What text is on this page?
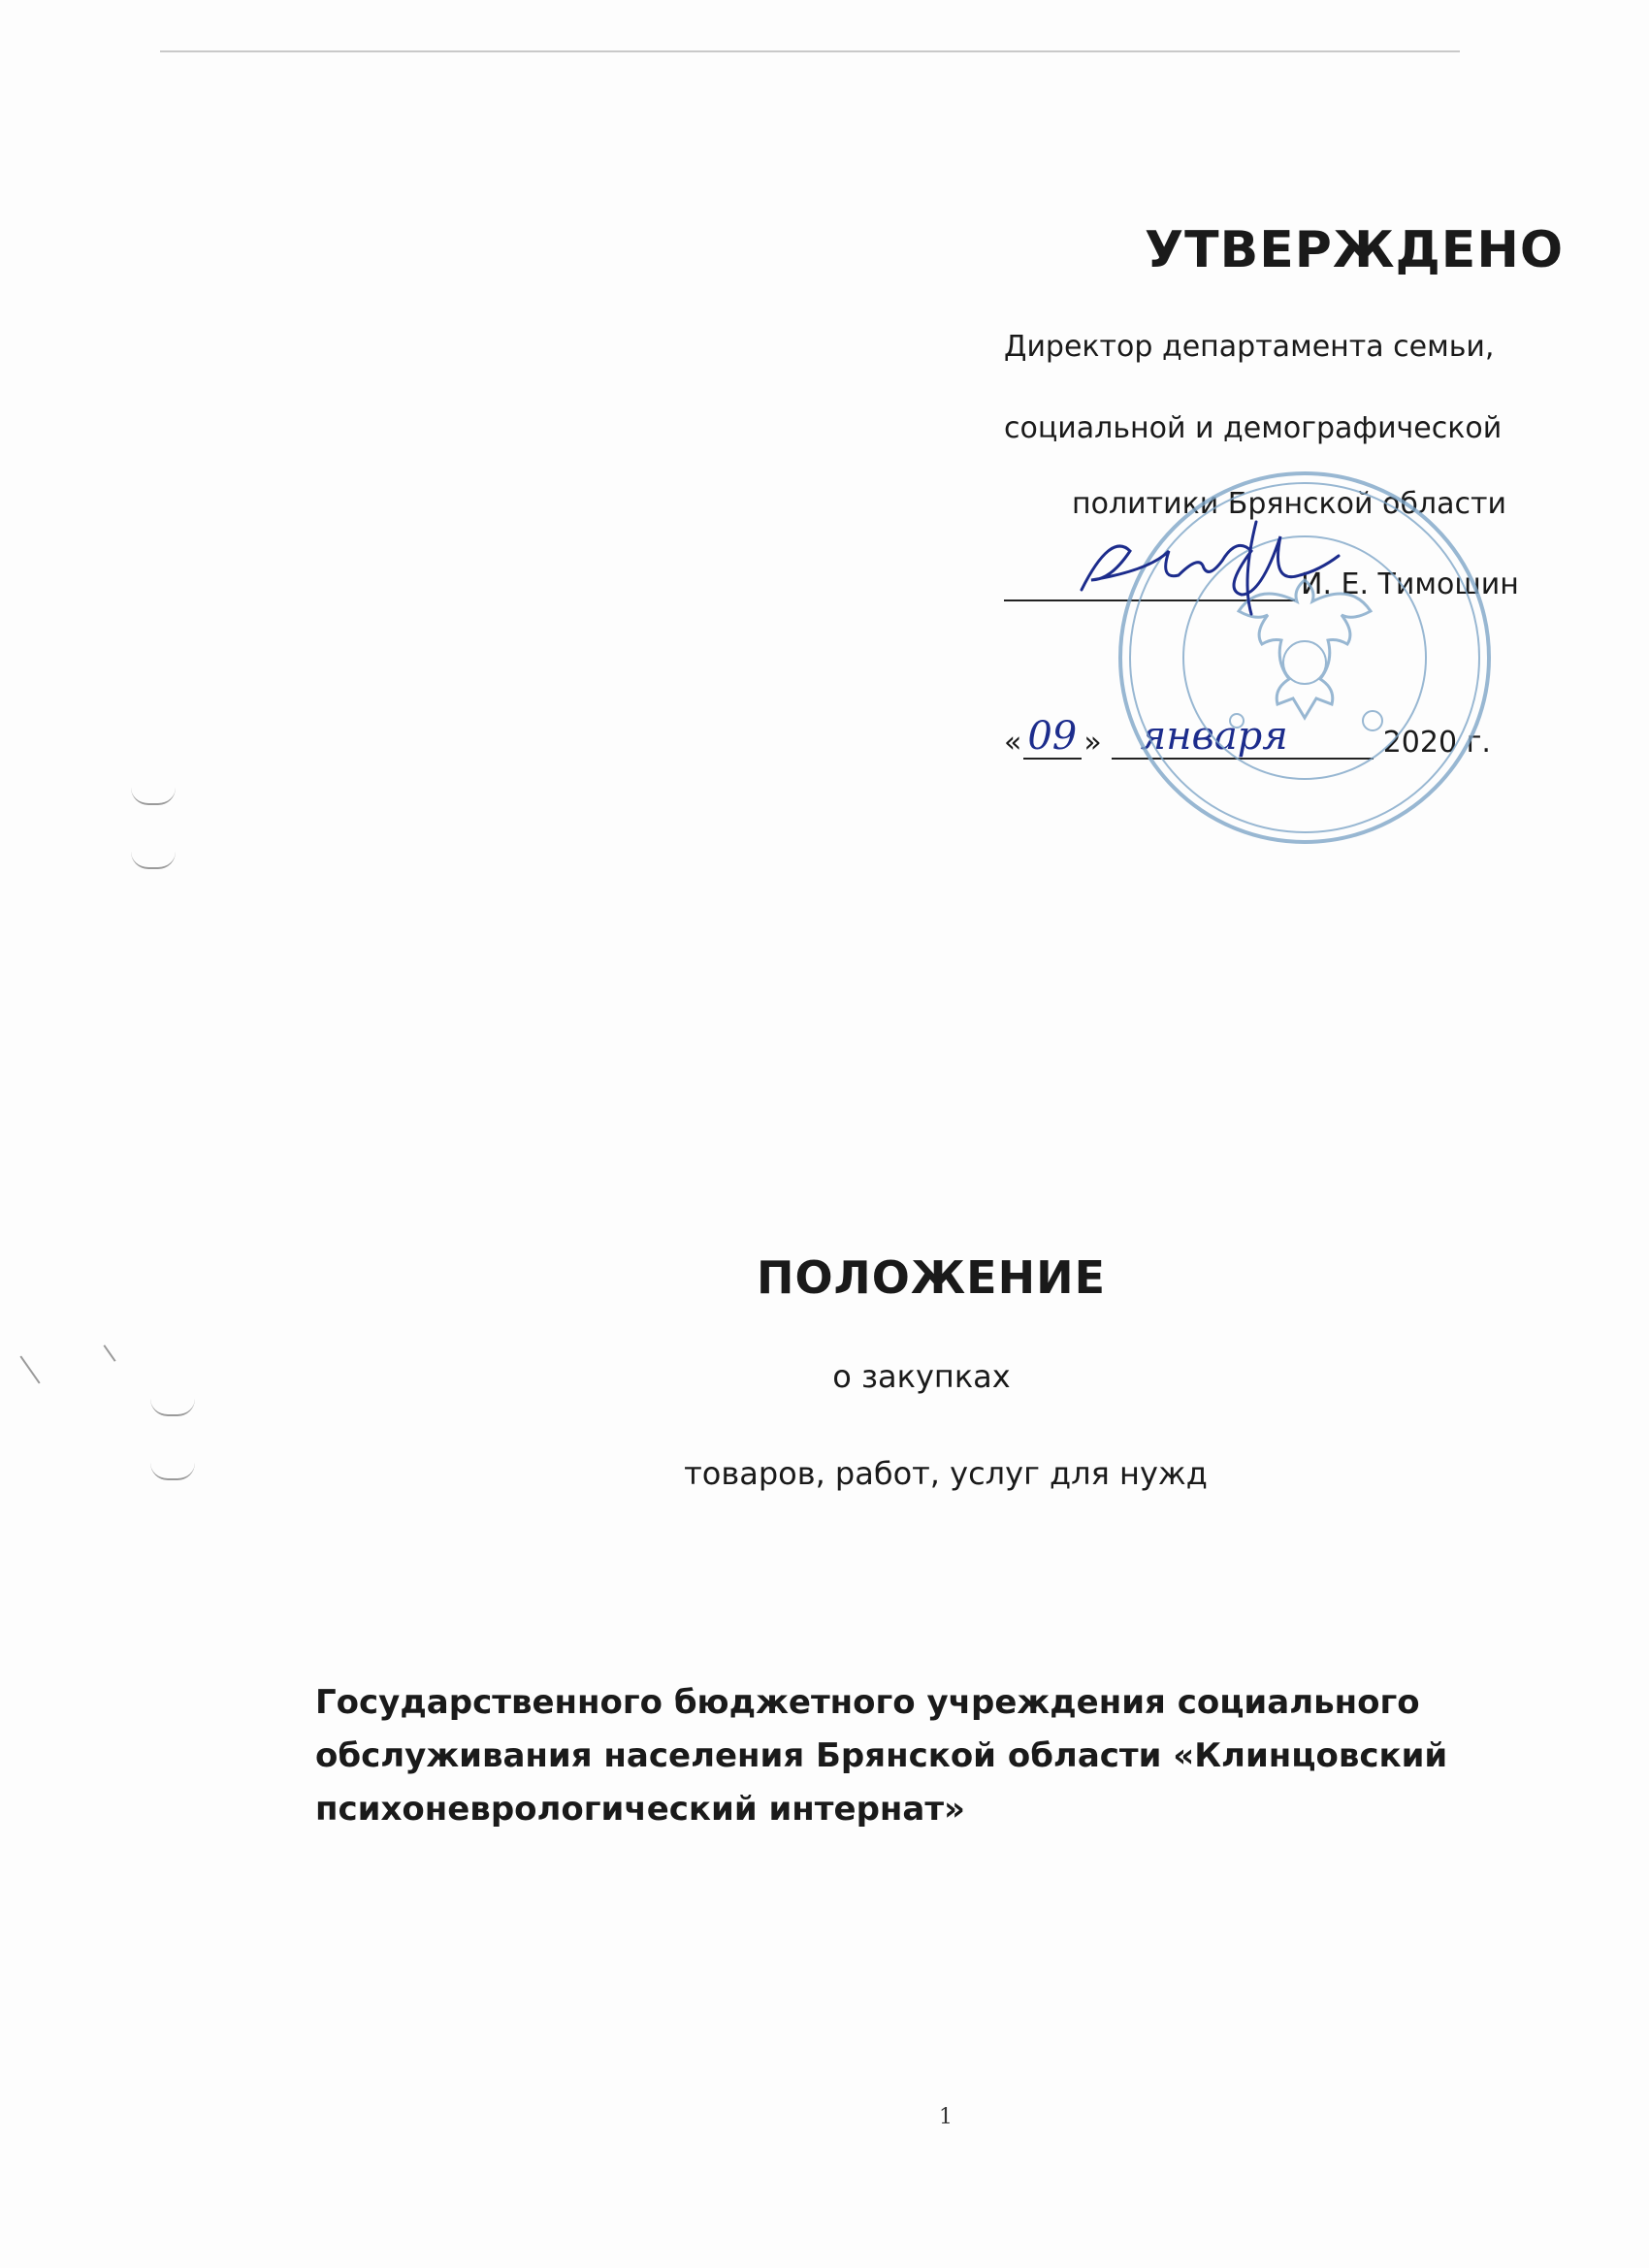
УТВЕРЖДЕНО
Директор департамента семьи,
социальной и демографической
политики Брянской области
И. Е. Тимошин
« 09 » января	2020 г.
ПОЛОЖЕНИЕ
о закупках
товаров, работ, услуг для нужд
Государственного бюджетного учреждения социального обслуживания населения Брянской области «Клинцовский психоневрологический интернат»
1
